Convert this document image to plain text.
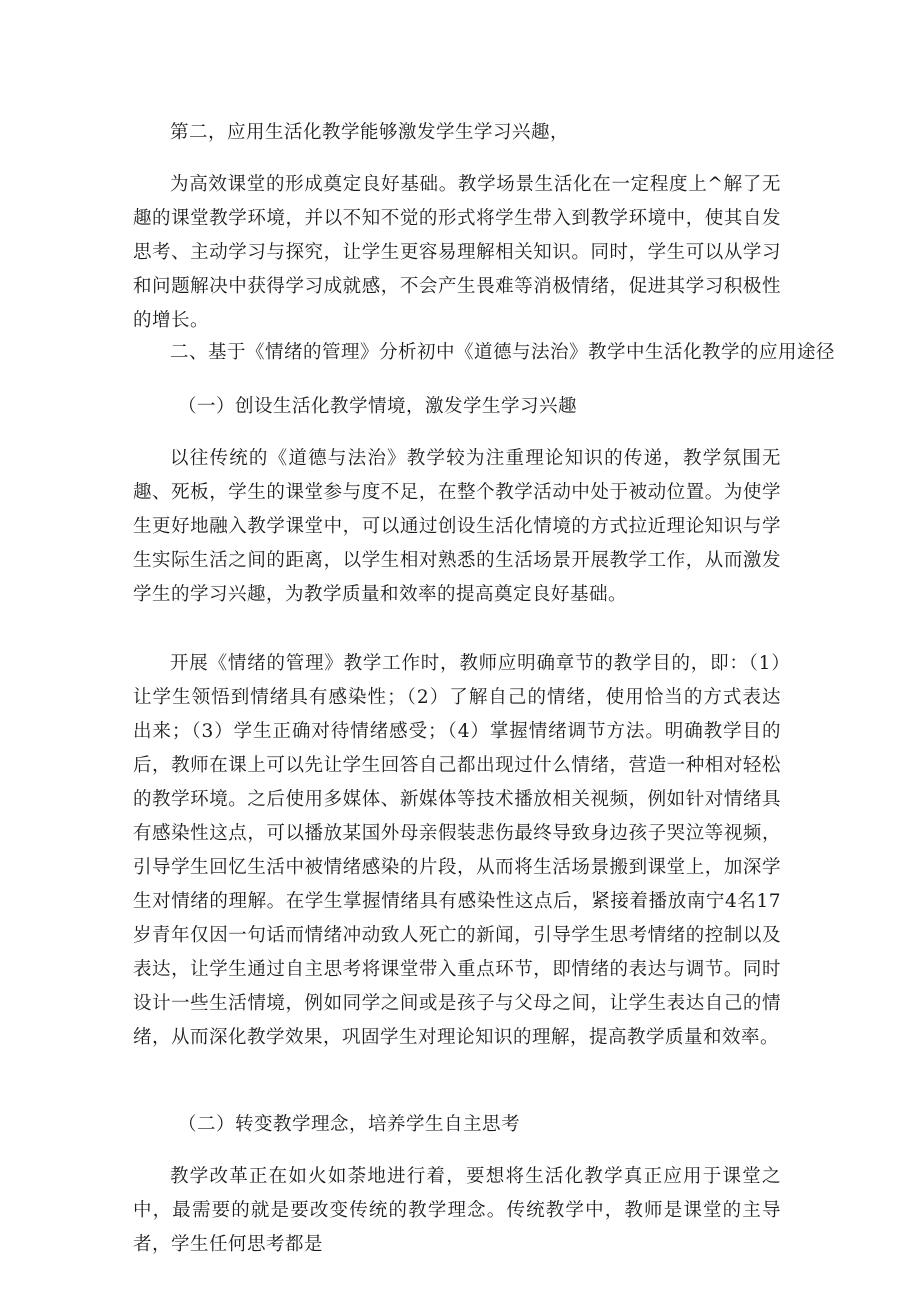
第二，应用生活化教学能够激发学生学习兴趣，

为高效课堂的形成奠定良好基础。教学场景生活化在一定程度上^解了无趣的课堂教学环境，并以不知不觉的形式将学生带入到教学环境中，使其自发思考、主动学习与探究，让学生更容易理解相关知识。同时，学生可以从学习和问题解决中获得学习成就感，不会产生畏难等消极情绪，促进其学习积极性的增长。

二、基于《情绪的管理》分析初中《道德与法治》教学中生活化教学的应用途径

（一）创设生活化教学情境，激发学生学习兴趣

以往传统的《道德与法治》教学较为注重理论知识的传递，教学氛围无趣、死板，学生的课堂参与度不足，在整个教学活动中处于被动位置。为使学生更好地融入教学课堂中，可以通过创设生活化情境的方式拉近理论知识与学生实际生活之间的距离，以学生相对熟悉的生活场景开展教学工作，从而激发学生的学习兴趣，为教学质量和效率的提高奠定良好基础。

开展《情绪的管理》教学工作时，教师应明确章节的教学目的，即：（1）让学生领悟到情绪具有感染性；（2）了解自己的情绪，使用恰当的方式表达出来；（3）学生正确对待情绪感受；（4）掌握情绪调节方法。明确教学目的后，教师在课上可以先让学生回答自己都出现过什么情绪，营造一种相对轻松的教学环境。之后使用多媒体、新媒体等技术播放相关视频，例如针对情绪具有感染性这点，可以播放某国外母亲假装悲伤最终导致身边孩子哭泣等视频，引导学生回忆生活中被情绪感染的片段，从而将生活场景搬到课堂上，加深学生对情绪的理解。在学生掌握情绪具有感染性这点后，紧接着播放南宁4名17岁青年仅因一句话而情绪冲动致人死亡的新闻，引导学生思考情绪的控制以及表达，让学生通过自主思考将课堂带入重点环节，即情绪的表达与调节。同时设计一些生活情境，例如同学之间或是孩子与父母之间，让学生表达自己的情绪，从而深化教学效果，巩固学生对理论知识的理解，提高教学质量和效率。

（二）转变教学理念，培养学生自主思考

教学改革正在如火如荼地进行着，要想将生活化教学真正应用于课堂之中，最需要的就是要改变传统的教学理念。传统教学中，教师是课堂的主导者，学生任何思考都是
